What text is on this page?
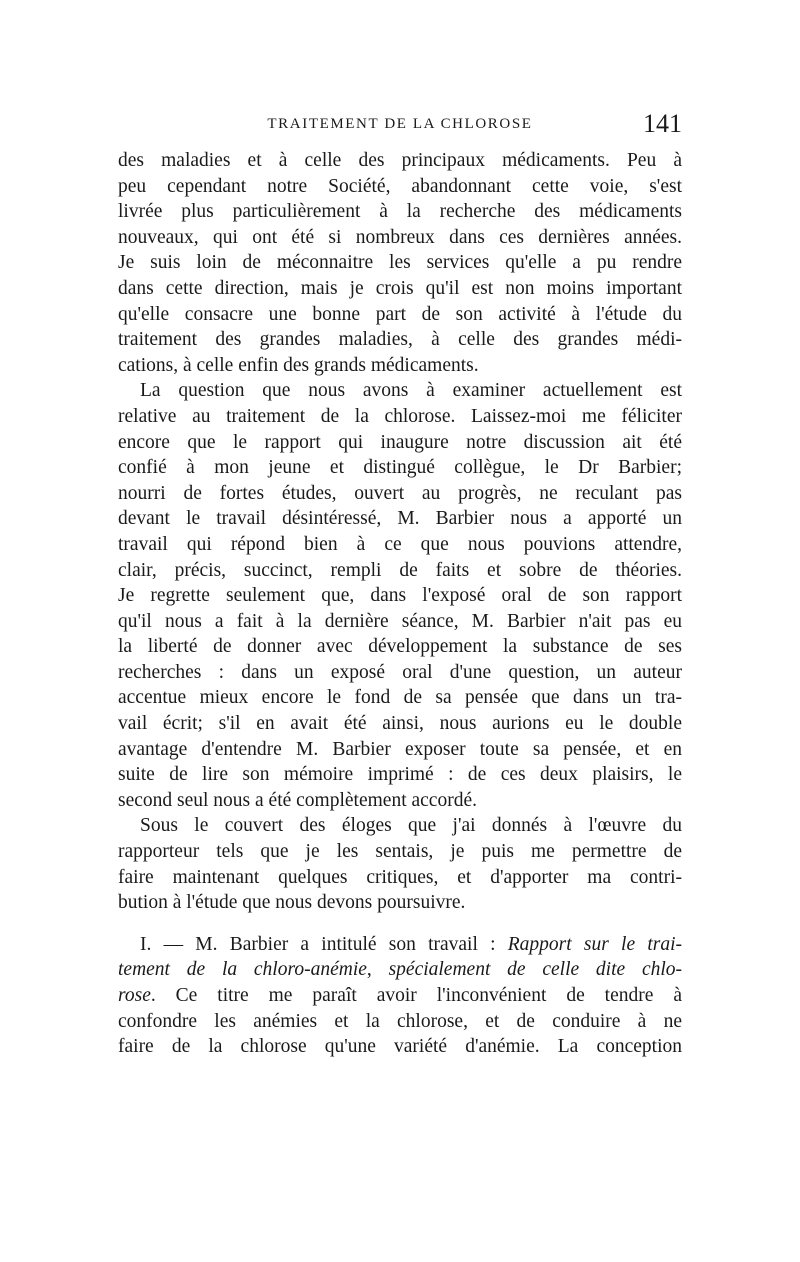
TRAITEMENT DE LA CHLOROSE	141
des maladies et à celle des principaux médicaments. Peu à
peu cependant notre Société, abandonnant cette voie, s'est
livrée plus particulièrement à la recherche des médicaments
nouveaux, qui ont été si nombreux dans ces dernières années.
Je suis loin de méconnaitre les services qu'elle a pu rendre
dans cette direction, mais je crois qu'il est non moins important
qu'elle consacre une bonne part de son activité à l'étude du
traitement des grandes maladies, à celle des grandes médi-
cations, à celle enfin des grands médicaments.
La question que nous avons à examiner actuellement est
relative au traitement de la chlorose. Laissez-moi me féliciter
encore que le rapport qui inaugure notre discussion ait été
confié à mon jeune et distingué collègue, le Dr Barbier;
nourri de fortes études, ouvert au progrès, ne reculant pas
devant le travail désintéressé, M. Barbier nous a apporté un
travail qui répond bien à ce que nous pouvions attendre,
clair, précis, succinct, rempli de faits et sobre de théories.
Je regrette seulement que, dans l'exposé oral de son rapport
qu'il nous a fait à la dernière séance, M. Barbier n'ait pas eu
la liberté de donner avec développement la substance de ses
recherches : dans un exposé oral d'une question, un auteur
accentue mieux encore le fond de sa pensée que dans un tra-
vail écrit; s'il en avait été ainsi, nous aurions eu le double
avantage d'entendre M. Barbier exposer toute sa pensée, et en
suite de lire son mémoire imprimé : de ces deux plaisirs, le
second seul nous a été complètement accordé.
Sous le couvert des éloges que j'ai donnés à l'œuvre du
rapporteur tels que je les sentais, je puis me permettre de
faire maintenant quelques critiques, et d'apporter ma contri-
bution à l'étude que nous devons poursuivre.
I. — M. Barbier a intitulé son travail : Rapport sur le trai-
tement de la chloro-anémie, spécialement de celle dite chlo-
rose. Ce titre me paraît avoir l'inconvénient de tendre à
confondre les anémies et la chlorose, et de conduire à ne
faire de la chlorose qu'une variété d'anémie. La conception
